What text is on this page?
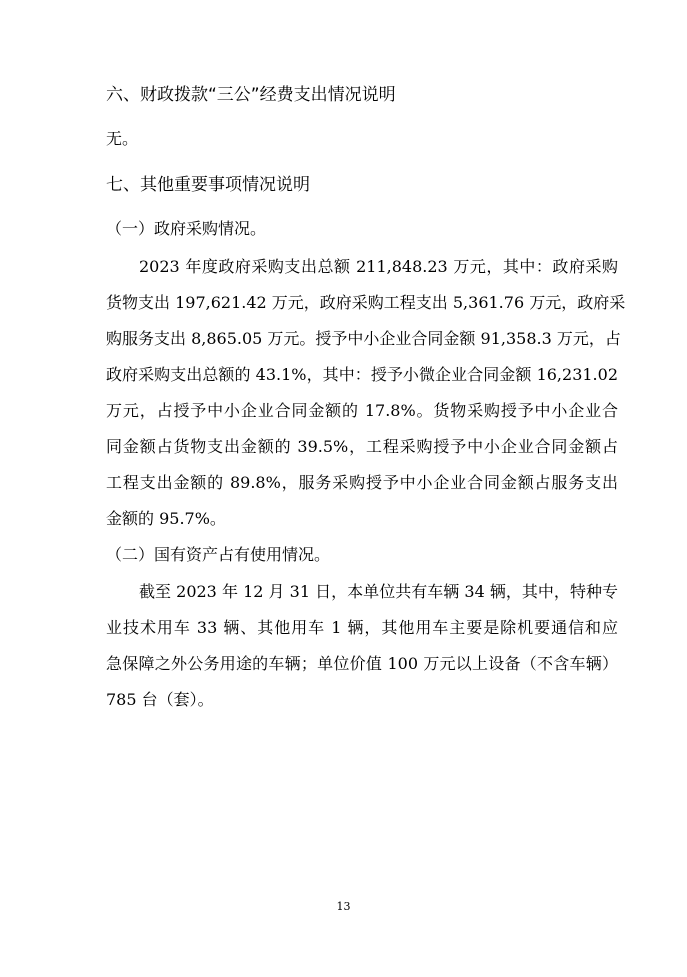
六、财政拨款“三公”经费支出情况说明
无。
七、其他重要事项情况说明
（一）政府采购情况。
2023 年度政府采购支出总额 211,848.23 万元，其中：政府采购
货物支出 197,621.42 万元，政府采购工程支出 5,361.76 万元，政府采
购服务支出 8,865.05 万元。授予中小企业合同金额 91,358.3 万元，占
政府采购支出总额的 43.1%，其中：授予小微企业合同金额 16,231.02
万元，占授予中小企业合同金额的 17.8%。货物采购授予中小企业合
同金额占货物支出金额的 39.5%，工程采购授予中小企业合同金额占
工程支出金额的 89.8%，服务采购授予中小企业合同金额占服务支出
金额的 95.7%。
（二）国有资产占有使用情况。
截至 2023 年 12 月 31 日，本单位共有车辆 34 辆，其中，特种专
业技术用车 33 辆、其他用车 1 辆，其他用车主要是除机要通信和应
急保障之外公务用途的车辆；单位价值 100 万元以上设备（不含车辆）
785 台（套）。
13
